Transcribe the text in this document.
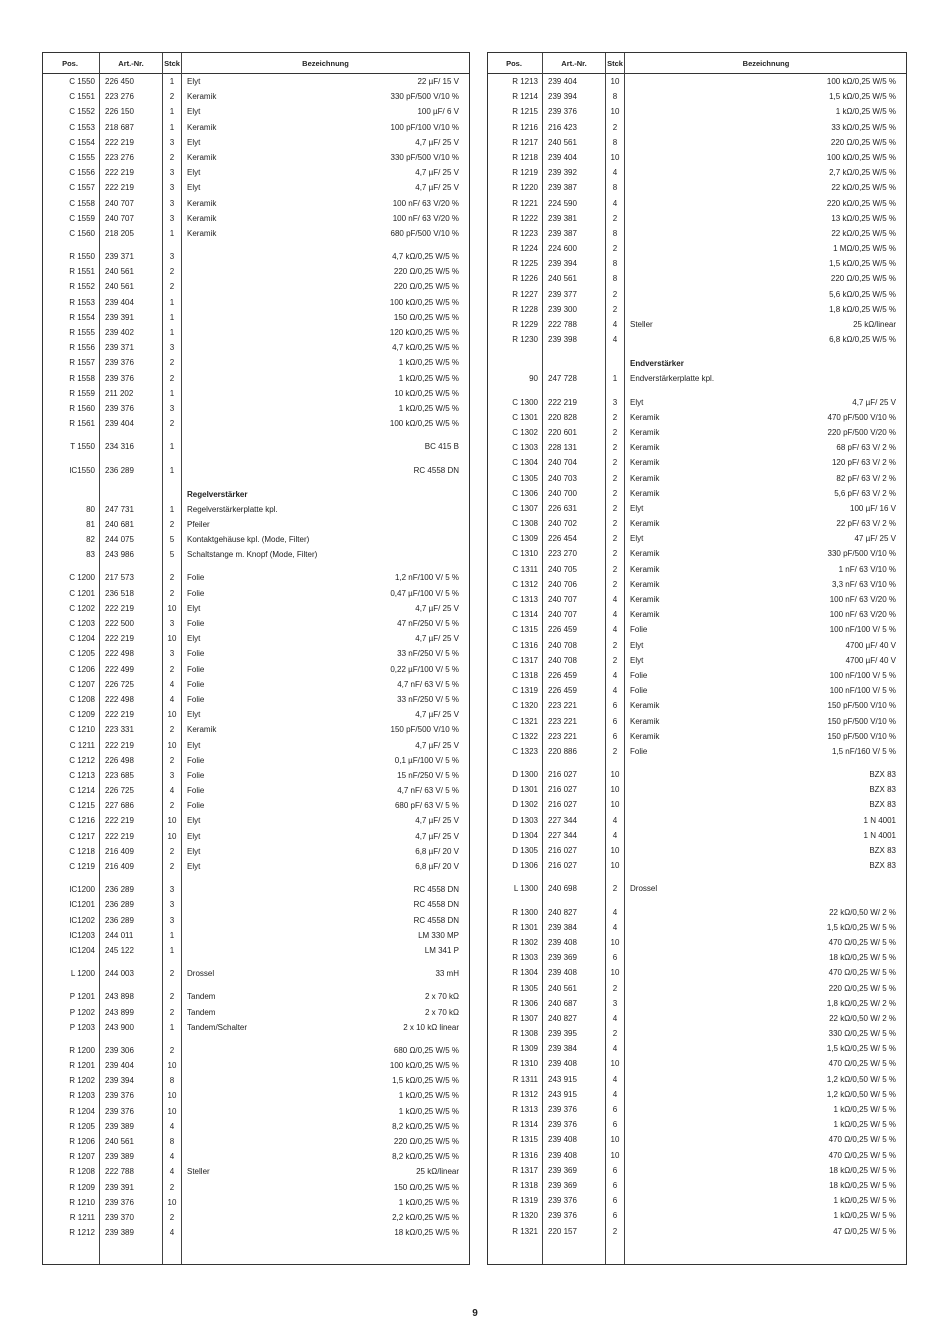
Pos.	Art.-Nr.	Stck	Bezeichnung
C 1550 226 450	1	Elyt	22 µF/ 15 V
C 1551 223 276	2	Keramik	330 pF/500 V/10 %
C 1552 226 150	1	Elyt	100 µF/ 6 V
C 1553 218 687	1	Keramik	100 pF/100 V/10 %
C 1554 222 219	3	Elyt	4,7 µF/ 25 V
C 1555 223 276	2	Keramik	330 pF/500 V/10 %
C 1556 222 219	3	Elyt	4,7 µF/ 25 V
C 1557 222 219	3	Elyt	4,7 µF/ 25 V
C 1558 240 707	3	Keramik	100 nF/ 63 V/20 %
C 1559 240 707	3	Keramik	100 nF/ 63 V/20 %
C 1560 218 205	1	Keramik	680 pF/500 V/10 %
R 1550 239 371	3	4,7 kΩ/0,25 W/5 %
R 1551 240 561	2	220 Ω/0,25 W/5 %
R 1552 240 561	2	220 Ω/0,25 W/5 %
R 1553 239 404	1	100 kΩ/0,25 W/5 %
R 1554 239 391	1	150 Ω/0,25 W/5 %
R 1555 239 402	1	120 kΩ/0,25 W/5 %
R 1556 239 371	3	4,7 kΩ/0,25 W/5 %
R 1557 239 376	2	1 kΩ/0,25 W/5 %
R 1558 239 376	2	1 kΩ/0,25 W/5 %
R 1559 211 202	1	10 kΩ/0,25 W/5 %
R 1560 239 376	3	1 kΩ/0,25 W/5 %
R 1561 239 404	2	100 kΩ/0,25 W/5 %
T 1550 234 316	1	BC 415 B
IC1550 236 289	1	RC 4558 DN
Regelverstärker
80 247 731	1	Regelverstärkerplatte kpl.
81 240 681	2	Pfeiler
82 244 075	5	Kontaktgehäuse kpl. (Mode, Filter)
83 243 986	5	Schaltstange m. Knopf (Mode, Filter)
C 1200 217 573	2	Folie	1,2 nF/100 V/ 5 %
C 1201 236 518	2	Folie	0,47 µF/100 V/ 5 %
C 1202 222 219	10	Elyt	4,7 µF/ 25 V
C 1203 222 500	3	Folie	47 nF/250 V/ 5 %
C 1204 222 219	10	Elyt	4,7 µF/ 25 V
C 1205 222 498	3	Folie	33 nF/250 V/ 5 %
C 1206 222 499	2	Folie	0,22 µF/100 V/ 5 %
C 1207 226 725	4	Folie	4,7 nF/ 63 V/ 5 %
C 1208 222 498	4	Folie	33 nF/250 V/ 5 %
C 1209 222 219	10	Elyt	4,7 µF/ 25 V
C 1210 223 331	2	Keramik	150 pF/500 V/10 %
C 1211 222 219	10	Elyt	4,7 µF/ 25 V
C 1212 226 498	2	Folie	0,1 µF/100 V/ 5 %
C 1213 223 685	3	Folie	15 nF/250 V/ 5 %
C 1214 226 725	4	Folie	4,7 nF/ 63 V/ 5 %
C 1215 227 686	2	Folie	680 pF/ 63 V/ 5 %
C 1216 222 219	10	Elyt	4,7 µF/ 25 V
C 1217 222 219	10	Elyt	4,7 µF/ 25 V
C 1218 216 409	2	Elyt	6,8 µF/ 20 V
C 1219 216 409	2	Elyt	6,8 µF/ 20 V
IC1200 236 289	3	RC 4558 DN
IC1201 236 289	3	RC 4558 DN
IC1202 236 289	3	RC 4558 DN
IC1203 244 011	1	LM 330 MP
IC1204 245 122	1	LM 341 P
L 1200 244 003	2	Drossel	33 mH
P 1201 243 898	2	Tandem	2 x 70 kΩ
P 1202 243 899	2	Tandem	2 x 70 kΩ
P 1203 243 900	1	Tandem/Schalter	2 x 10 kΩ linear
R 1200 239 306	2	680 Ω/0,25 W/5 %
R 1201 239 404	10	100 kΩ/0,25 W/5 %
R 1202 239 394	8	1,5 kΩ/0,25 W/5 %
R 1203 239 376	10	1 kΩ/0,25 W/5 %
R 1204 239 376	10	1 kΩ/0,25 W/5 %
R 1205 239 389	4	8,2 kΩ/0,25 W/5 %
R 1206 240 561	8	220 Ω/0,25 W/5 %
R 1207 239 389	4	8,2 kΩ/0,25 W/5 %
R 1208 222 788	4	Steller	25 kΩ/linear
R 1209 239 391	2	150 Ω/0,25 W/5 %
R 1210 239 376	10	1 kΩ/0,25 W/5 %
R 1211 239 370	2	2,2 kΩ/0,25 W/5 %
R 1212 239 389	4	18 kΩ/0,25 W/5 %
Pos.	Art.-Nr.	Stck	Bezeichnung
R 1213 239 404	10	100 kΩ/0,25 W/5 %
R 1214 239 394	8	1,5 kΩ/0,25 W/5 %
R 1215 239 376	10	1 kΩ/0,25 W/5 %
R 1216 216 423	2	33 kΩ/0,25 W/5 %
R 1217 240 561	8	220 Ω/0,25 W/5 %
R 1218 239 404	10	100 kΩ/0,25 W/5 %
R 1219 239 392	4	2,7 kΩ/0,25 W/5 %
R 1220 239 387	8	22 kΩ/0,25 W/5 %
R 1221 224 590	4	220 kΩ/0,25 W/5 %
R 1222 239 381	2	13 kΩ/0,25 W/5 %
R 1223 239 387	8	22 kΩ/0,25 W/5 %
R 1224 224 600	2	1 MΩ/0,25 W/5 %
R 1225 239 394	8	1,5 kΩ/0,25 W/5 %
R 1226 240 561	8	220 Ω/0,25 W/5 %
R 1227 239 377	2	5,6 kΩ/0,25 W/5 %
R 1228 239 300	2	1,8 kΩ/0,25 W/5 %
R 1229 222 788	4	Steller	25 kΩ/linear
R 1230 239 398	4	6,8 kΩ/0,25 W/5 %
Endverstärker
90 247 728	1	Endverstärkerplatte kpl.
C 1300 222 219	3	Elyt	4,7 µF/ 25 V
C 1301 220 828	2	Keramik	470 pF/500 V/10 %
C 1302 220 601	2	Keramik	220 pF/500 V/20 %
C 1303 228 131	2	Keramik	68 pF/ 63 V/ 2 %
C 1304 240 704	2	Keramik	120 pF/ 63 V/ 2 %
C 1305 240 703	2	Keramik	82 pF/ 63 V/ 2 %
C 1306 240 700	2	Keramik	5,6 pF/ 63 V/ 2 %
C 1307 226 631	2	Elyt	100 µF/ 16 V
C 1308 240 702	2	Keramik	22 pF/ 63 V/ 2 %
C 1309 226 454	2	Elyt	47 µF/ 25 V
C 1310 223 270	2	Keramik	330 pF/500 V/10 %
C 1311 240 705	2	Keramik	1 nF/ 63 V/10 %
C 1312 240 706	2	Keramik	3,3 nF/ 63 V/10 %
C 1313 240 707	4	Keramik	100 nF/ 63 V/20 %
C 1314 240 707	4	Keramik	100 nF/ 63 V/20 %
C 1315 226 459	4	Folie	100 nF/100 V/ 5 %
C 1316 240 708	2	Elyt	4700 µF/ 40 V
C 1317 240 708	2	Elyt	4700 µF/ 40 V
C 1318 226 459	4	Folie	100 nF/100 V/ 5 %
C 1319 226 459	4	Folie	100 nF/100 V/ 5 %
C 1320 223 221	6	Keramik	150 pF/500 V/10 %
C 1321 223 221	6	Keramik	150 pF/500 V/10 %
C 1322 223 221	6	Keramik	150 pF/500 V/10 %
C 1323 220 886	2	Folie	1,5 nF/160 V/ 5 %
D 1300 216 027	10	BZX 83
D 1301 216 027	10	BZX 83
D 1302 216 027	10	BZX 83
D 1303 227 344	4	1 N 4001
D 1304 227 344	4	1 N 4001
D 1305 216 027	10	BZX 83
D 1306 216 027	10	BZX 83
L 1300 240 698	2	Drossel
R 1300 240 827	4	22 kΩ/0,50 W/ 2 %
R 1301 239 384	4	1,5 kΩ/0,25 W/ 5 %
R 1302 239 408	10	470 Ω/0,25 W/ 5 %
R 1303 239 369	6	18 kΩ/0,25 W/ 5 %
R 1304 239 408	10	470 Ω/0,25 W/ 5 %
R 1305 240 561	2	220 Ω/0,25 W/ 5 %
R 1306 240 687	3	1,8 kΩ/0,25 W/ 2 %
R 1307 240 827	4	22 kΩ/0,50 W/ 2 %
R 1308 239 395	2	330 Ω/0,25 W/ 5 %
R 1309 239 384	4	1,5 kΩ/0,25 W/ 5 %
R 1310 239 408	10	470 Ω/0,25 W/ 5 %
R 1311 243 915	4	1,2 kΩ/0,50 W/ 5 %
R 1312 243 915	4	1,2 kΩ/0,50 W/ 5 %
R 1313 239 376	6	1 kΩ/0,25 W/ 5 %
R 1314 239 376	6	1 kΩ/0,25 W/ 5 %
R 1315 239 408	10	470 Ω/0,25 W/ 5 %
R 1316 239 408	10	470 Ω/0,25 W/ 5 %
R 1317 239 369	6	18 kΩ/0,25 W/ 5 %
R 1318 239 369	6	18 kΩ/0,25 W/ 5 %
R 1319 239 376	6	1 kΩ/0,25 W/ 5 %
R 1320 239 376	6	1 kΩ/0,25 W/ 5 %
R 1321 220 157	2	47 Ω/0,25 W/ 5 %
9
